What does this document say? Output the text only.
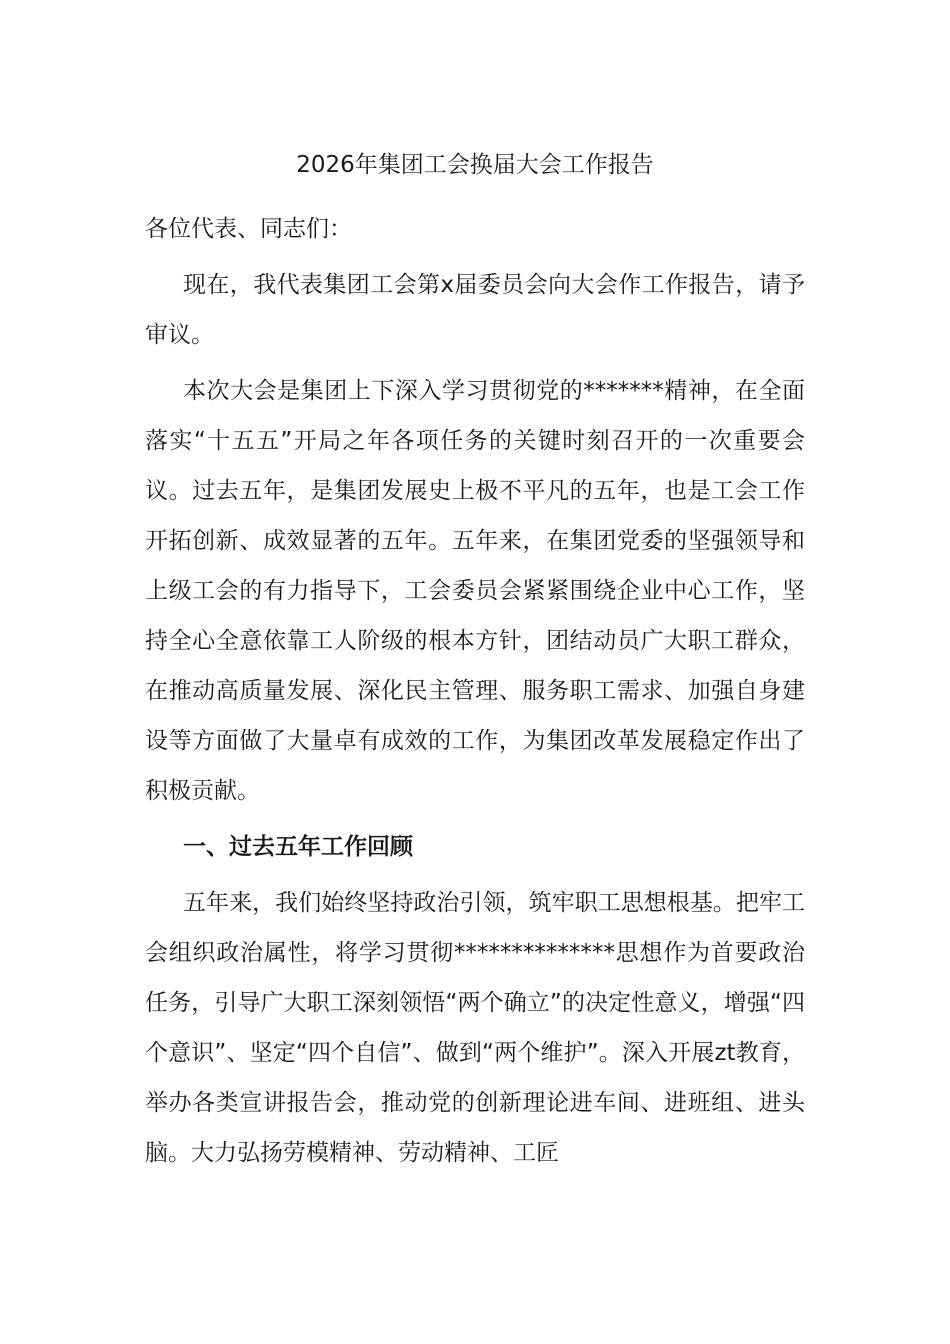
2026年集团工会换届大会工作报告

各位代表、同志们：

现在，我代表集团工会第x届委员会向大会作工作报告，请予审议。

本次大会是集团上下深入学习贯彻党的*******精神，在全面落实“十五五”开局之年各项任务的关键时刻召开的一次重要会议。过去五年，是集团发展史上极不平凡的五年，也是工会工作开拓创新、成效显著的五年。五年来，在集团党委的坚强领导和上级工会的有力指导下，工会委员会紧紧围绕企业中心工作，坚持全心全意依靠工人阶级的根本方针，团结动员广大职工群众，在推动高质量发展、深化民主管理、服务职工需求、加强自身建设等方面做了大量卓有成效的工作，为集团改革发展稳定作出了积极贡献。

一、过去五年工作回顾

五年来，我们始终坚持政治引领，筑牢职工思想根基。把牢工会组织政治属性，将学习贯彻**************思想作为首要政治任务，引导广大职工深刻领悟“两个确立”的决定性意义，增强“四个意识”、坚定“四个自信”、做到“两个维护”。深入开展zt教育，举办各类宣讲报告会，推动党的创新理论进车间、进班组、进头脑。大力弘扬劳模精神、劳动精神、工匠
